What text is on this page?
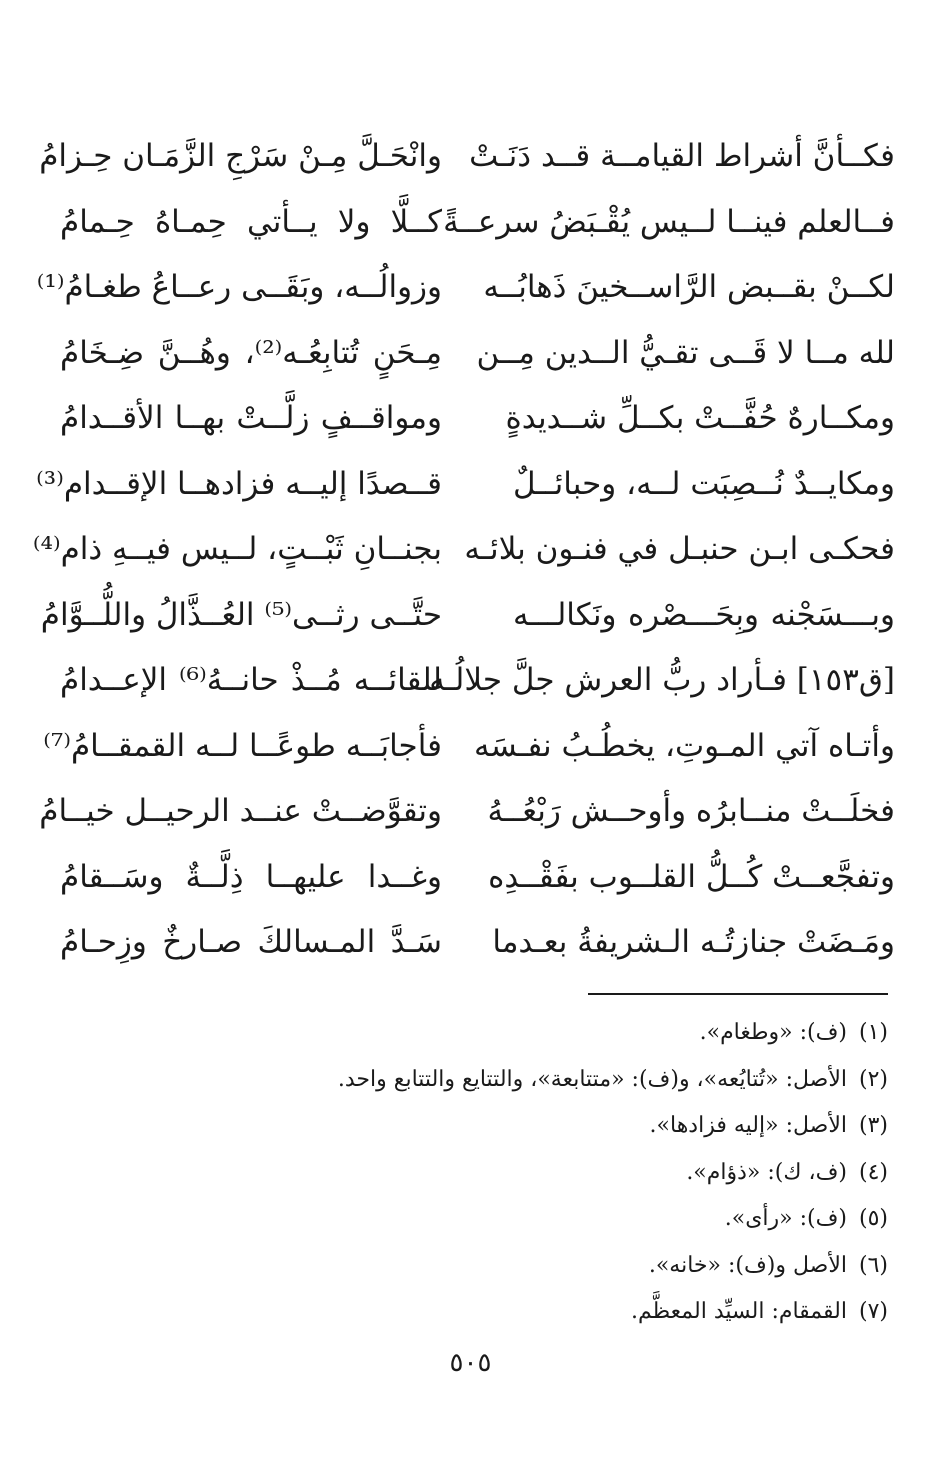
فكــأنَّ أشراط القيامــة قــد دَنَـتْ
وانْحَـلَّ مِـنْ سَرْجِ الزَّمَـان حِـزامُ
فــالعلم فينــا لــيس يُقْـبَضُ سرعــةً
كــلَّا ولا يــأتي حِمـاهُ حِـمامُ
لكــنْ بقــبض الرَّاســخينَ ذَهابُــه
وزوالُــه، وبَقَــى رعــاعُ طغـامُ⁽¹⁾
لله مــا لا قَــى تقـيُّ الــدين مِــن
مِـحَنٍ تُتابِعُـه⁽²⁾، وهُــنَّ ضِـخَامُ
ومكــارهٌ حُفَّــتْ بكــلِّ شــديدةٍ
ومواقــفٍ زلَّــتْ بهــا الأقــدامُ
ومكايــدٌ نُــصِبَت لــه، وحبائــلٌ
قــصدًا إليــه فزادهــا الإقــدام⁽³⁾
فحكـى ابـن حنبـل في فنـون بلائـه
بجنــانِ ثَبْــتٍ، لــيس فيــهِ ذام⁽⁴⁾
وبـــسَجْنه وبِحَـــصْره ونَكالـــه
حتَّــى رثــى⁽⁵⁾ العُــذَّالُ واللُّــوَّامُ
[ق١٥٣] فـأراد ربُّ العرش جلَّ جلالُـه
للقائــه مُــذْ حانــهُ⁽⁶⁾ الإعــدامُ
وأتـاه آتي المـوتِ، يخطُـبُ نفـسَه
فأجابَــه طوعًــا لــه القمقــامُ⁽⁷⁾
فخلَــتْ منــابرُه وأوحــش رَبْعُــهُ
وتقوَّضــتْ عنــد الرحيــل خيــامُ
وتفجَّعــتْ كُــلُّ القلــوب بفَقْــدِه
وغــدا عليهــا ذِلَّــةٌ وسَــقامُ
ومَـضَتْ جنازتُـه الـشريفةُ بعـدما
سَـدَّ المـسالكَ صـارخٌ وزِحـامُ
(١)(ف): «وطغام».
(٢)الأصل: «تُتايُعه»، و(ف): «متتابعة»، والتتايع والتتابع واحد.
(٣)الأصل: «إليه فزادها».
(٤)(ف، ك): «ذؤام».
(٥)(ف): «رأى».
(٦)الأصل و(ف): «خانه».
(٧)القمقام: السيِّد المعظَّم.
٥٠٥
